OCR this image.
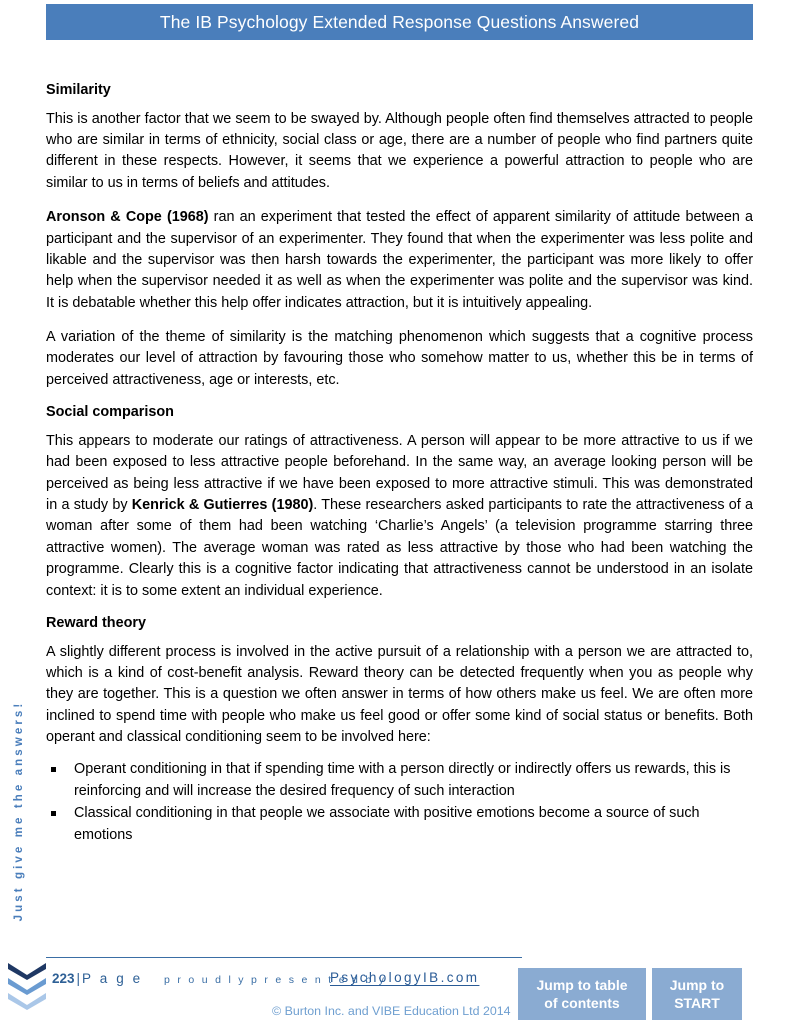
The IB Psychology Extended Response Questions Answered
Just give me the answers!
Similarity

This is another factor that we seem to be swayed by. Although people often find themselves attracted to people who are similar in terms of ethnicity, social class or age, there are a number of people who find partners quite different in these respects. However, it seems that we experience a powerful attraction to people who are similar to us in terms of beliefs and attitudes.

Aronson & Cope (1968) ran an experiment that tested the effect of apparent similarity of attitude between a participant and the supervisor of an experimenter. They found that when the experimenter was less polite and likable and the supervisor was then harsh towards the experimenter, the participant was more likely to offer help when the supervisor needed it as well as when the experimenter was polite and the supervisor was kind. It is debatable whether this help offer indicates attraction, but it is intuitively appealing.

A variation of the theme of similarity is the matching phenomenon which suggests that a cognitive process moderates our level of attraction by favouring those who somehow matter to us, whether this be in terms of perceived attractiveness, age or interests, etc.

Social comparison

This appears to moderate our ratings of attractiveness. A person will appear to be more attractive to us if we had been exposed to less attractive people beforehand. In the same way, an average looking person will be perceived as being less attractive if we have been exposed to more attractive stimuli. This was demonstrated in a study by Kenrick & Gutierres (1980). These researchers asked participants to rate the attractiveness of a woman after some of them had been watching ‘Charlie’s Angels’ (a television programme starring three attractive women). The average woman was rated as less attractive by those who had been watching the programme. Clearly this is a cognitive factor indicating that attractiveness cannot be understood in an isolate context: it is to some extent an individual experience.

Reward theory

A slightly different process is involved in the active pursuit of a relationship with a person we are attracted to, which is a kind of cost-benefit analysis. Reward theory can be detected frequently when you as people why they are together. This is a question we often answer in terms of how others make us feel. We are often more inclined to spend time with people who make us feel good or offer some kind of social status or benefits. Both operant and classical conditioning seem to be involved here:

Operant conditioning in that if spending time with a person directly or indirectly offers us rewards, this is reinforcing and will increase the desired frequency of such interaction
Classical conditioning in that people we associate with positive emotions become a source of such emotions
223 | P a g e p r o u d l y p r e s e n t e d b y
PsychologyIB.com
© Burton Inc. and VIBE Education Ltd 2014
Jump to table
of contents
Jump to
START
